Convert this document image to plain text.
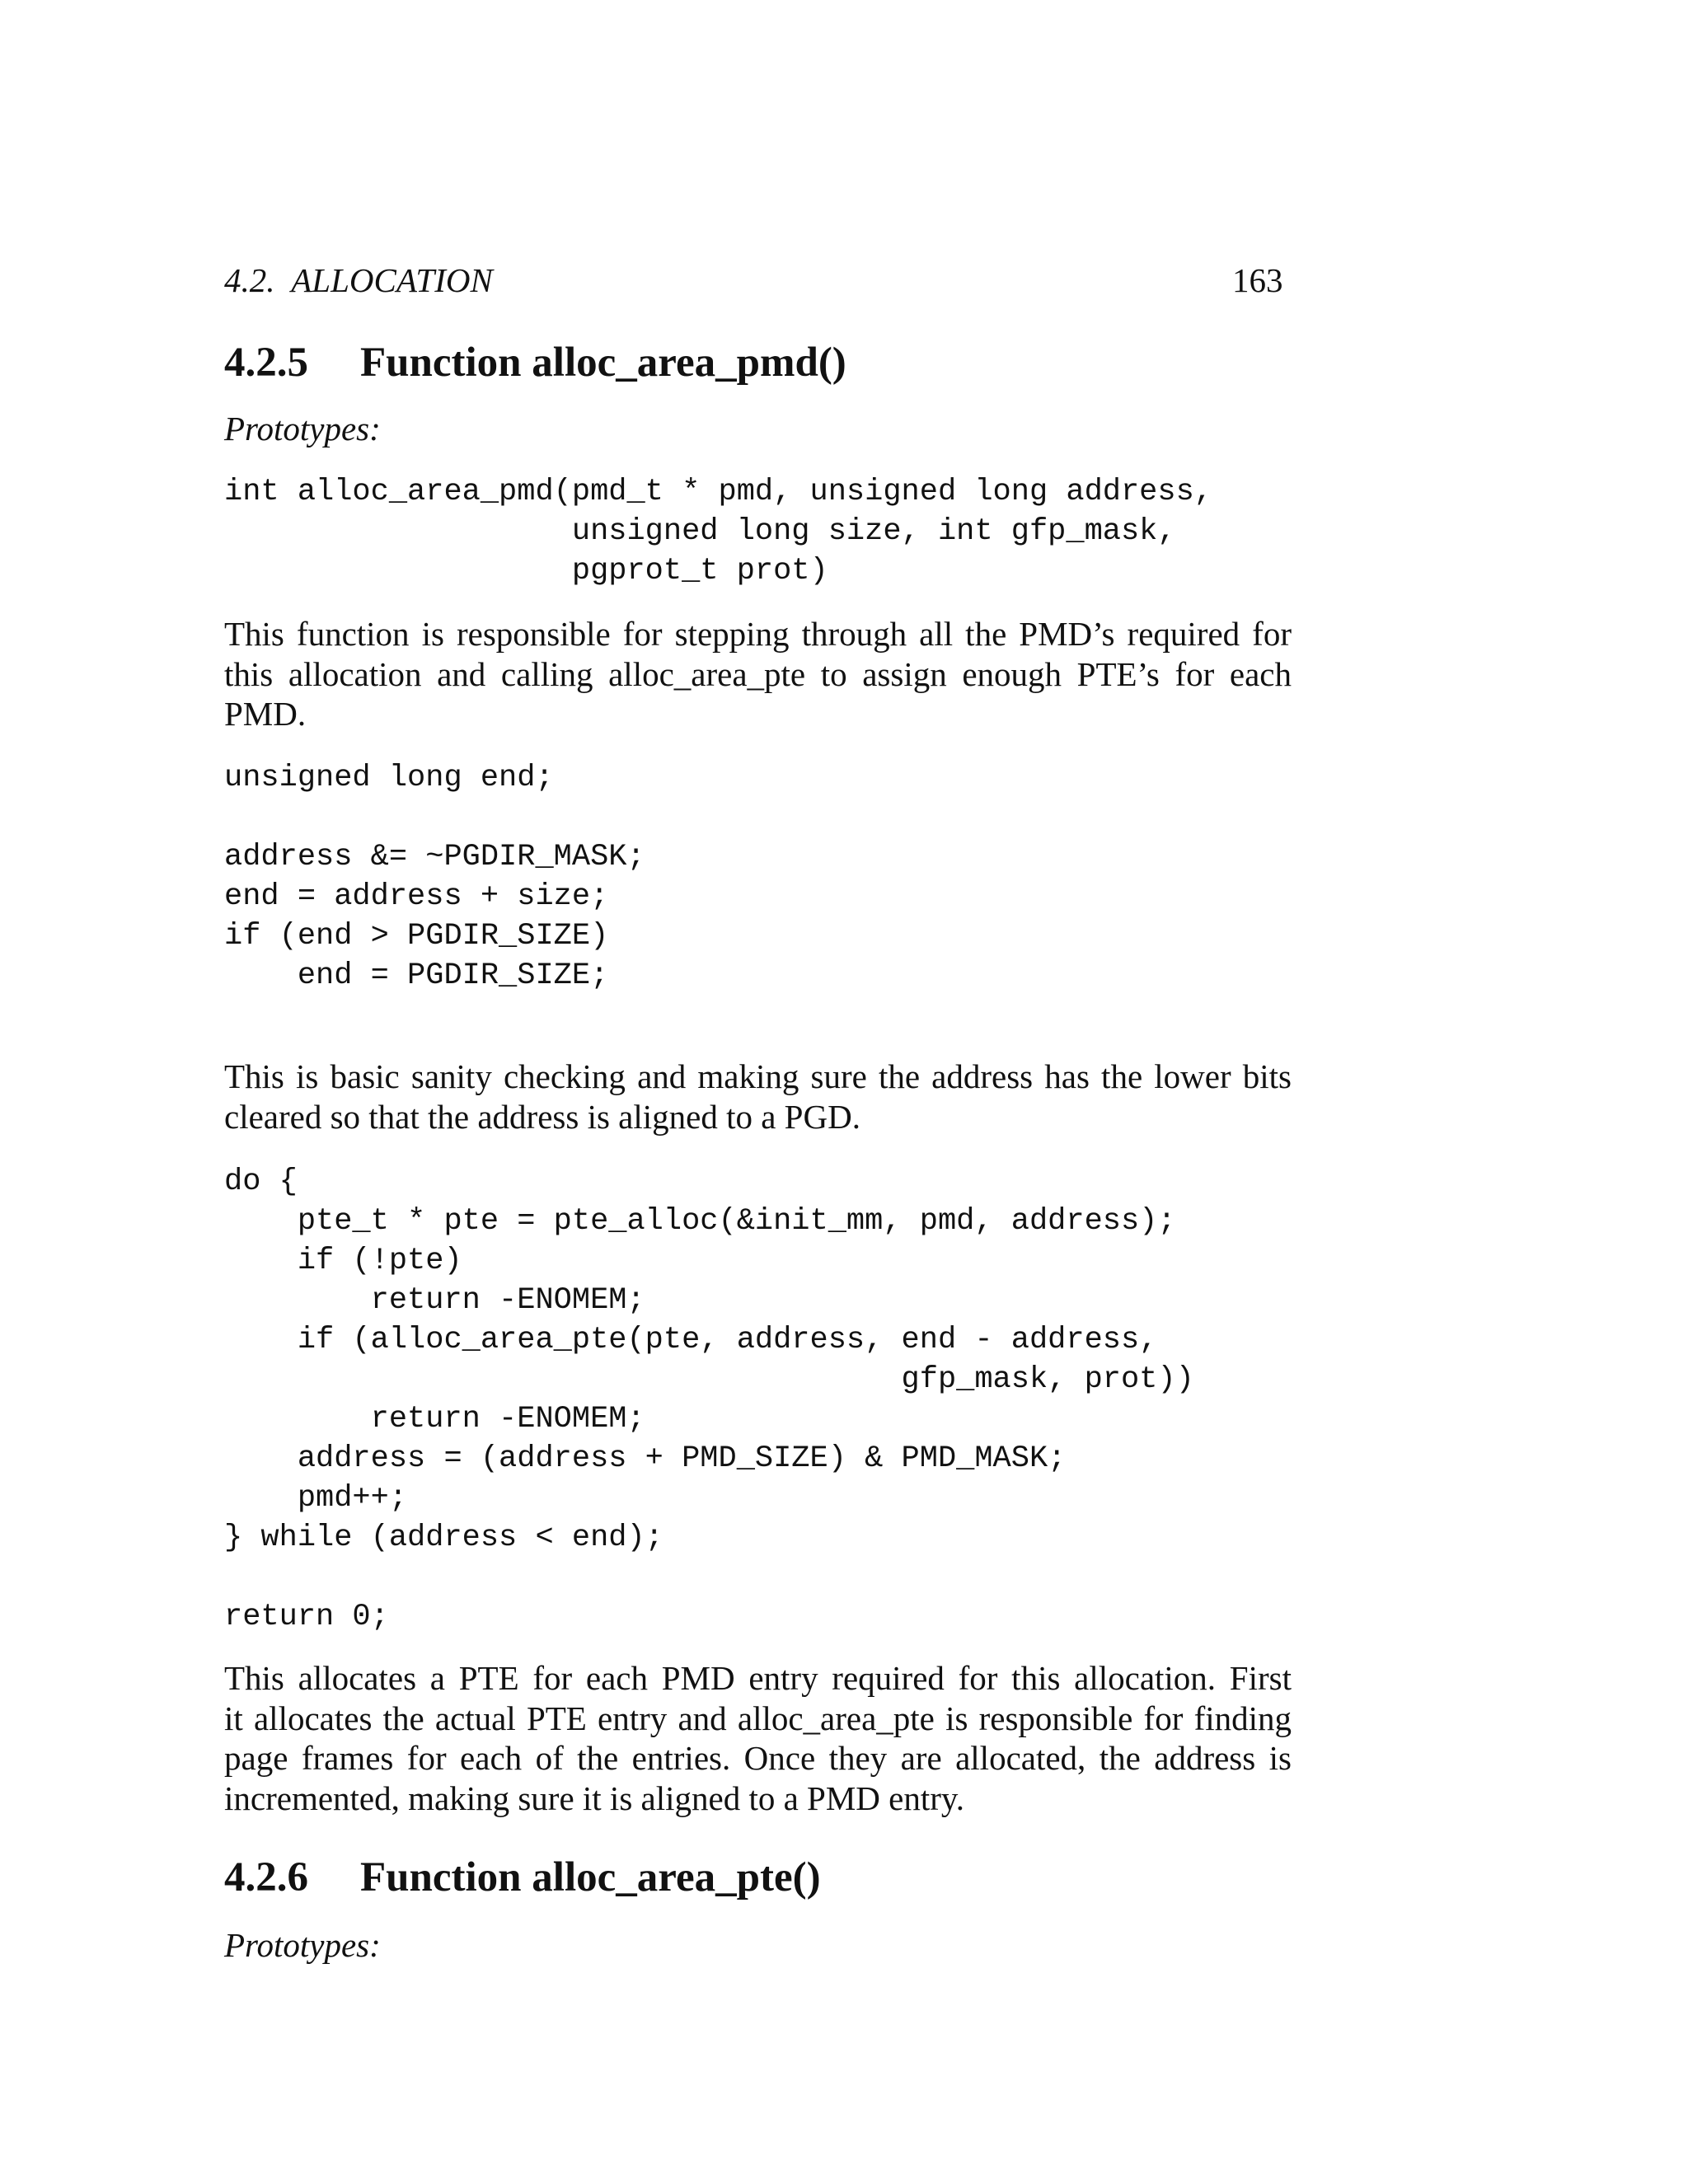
4.2.  ALLOCATION	163
4.2.5 Function alloc_area_pmd()
Prototypes:
int alloc_area_pmd(pmd_t * pmd, unsigned long address,
unsigned long size, int gfp_mask,
pgprot_t prot)
This function is responsible for stepping through all the PMD’s required for
this allocation and calling alloc_area_pte to assign enough PTE’s for each
PMD.
unsigned long end;

address &= ~PGDIR_MASK;
end = address + size;
if (end > PGDIR_SIZE)
end = PGDIR_SIZE;
This is basic sanity checking and making sure the address has the lower bits
cleared so that the address is aligned to a PGD.
do {
pte_t * pte = pte_alloc(&init_mm, pmd, address);
if (!pte)
return -ENOMEM;
if (alloc_area_pte(pte, address, end - address,
gfp_mask, prot))
return -ENOMEM;
address = (address + PMD_SIZE) & PMD_MASK;
pmd++;
} while (address < end);

return 0;
This allocates a PTE for each PMD entry required for this allocation. First
it allocates the actual PTE entry and alloc_area_pte is responsible for finding
page frames for each of the entries. Once they are allocated, the address is
incremented, making sure it is aligned to a PMD entry.
4.2.6 Function alloc_area_pte()
Prototypes:
